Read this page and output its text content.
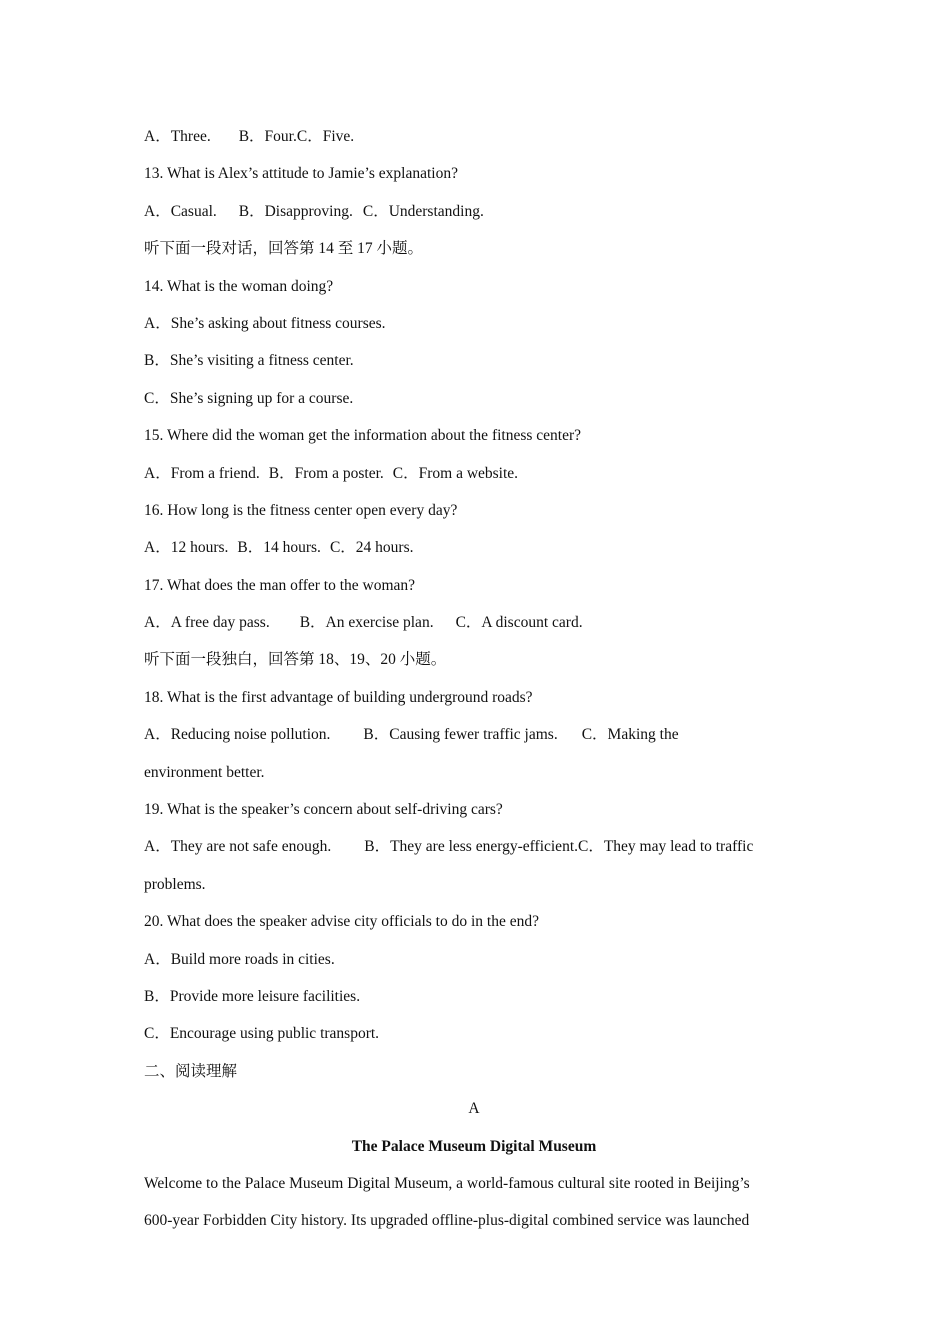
A．Three. B．Four.C．Five.
13. What is Alex’s attitude to Jamie’s explanation?
A．Casual. B．Disapproving. C．Understanding.
听下面一段对话，回答第 14 至 17 小题。
14. What is the woman doing?
A．She’s asking about fitness courses.
B．She’s visiting a fitness center.
C．She’s signing up for a course.
15. Where did the woman get the information about the fitness center?
A．From a friend. B．From a poster. C．From a website.
16. How long is the fitness center open every day?
A．12 hours. B．14 hours. C．24 hours.
17. What does the man offer to the woman?
A．A free day pass. B．An exercise plan. C．A discount card.
听下面一段独白，回答第 18、19、20 小题。
18. What is the first advantage of building underground roads?
A．Reducing noise pollution. B．Causing fewer traffic jams. C．Making the
environment better.
19. What is the speaker’s concern about self-driving cars?
A．They are not safe enough. B．They are less energy-efficient.C．They may lead to traffic
problems.
20. What does the speaker advise city officials to do in the end?
A．Build more roads in cities.
B．Provide more leisure facilities.
C．Encourage using public transport.
二、阅读理解
A
The Palace Museum Digital Museum
Welcome to the Palace Museum Digital Museum, a world-famous cultural site rooted in Beijing’s
600-year Forbidden City history. Its upgraded offline-plus-digital combined service was launched
